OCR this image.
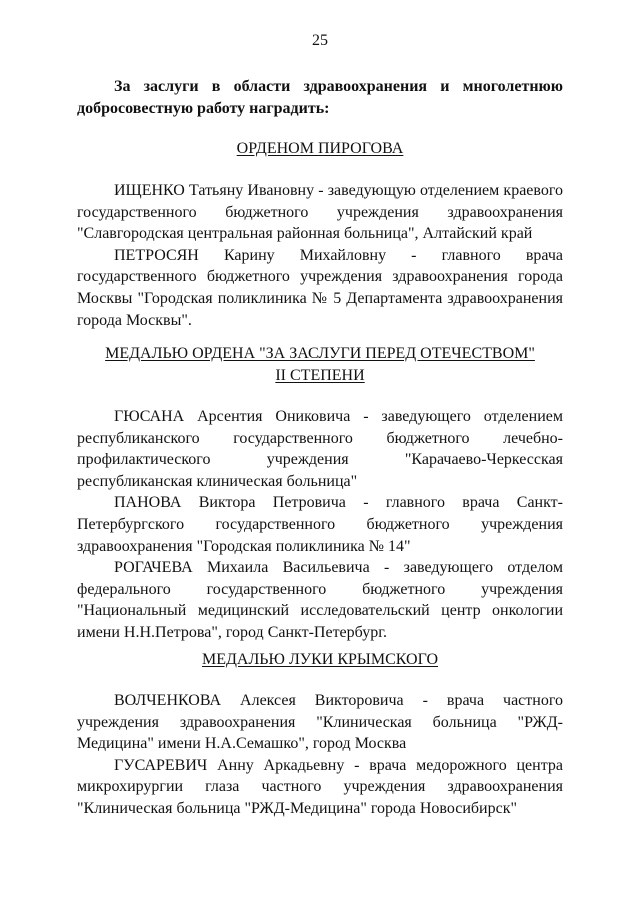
25
За заслуги в области здравоохранения и многолетнюю добросовестную работу наградить:
ОРДЕНОМ ПИРОГОВА

ИЩЕНКО Татьяну Ивановну - заведующую отделением краевого государственного бюджетного учреждения здравоохранения "Славгородская центральная районная больница", Алтайский край

ПЕТРОСЯН Карину Михайловну - главного врача государственного бюджетного учреждения здравоохранения города Москвы "Городская поликлиника № 5 Департамента здравоохранения города Москвы".

МЕДАЛЬЮ ОРДЕНА "ЗА ЗАСЛУГИ ПЕРЕД ОТЕЧЕСТВОМ"
II СТЕПЕНИ

ГЮСАНА Арсентия Ониковича - заведующего отделением республиканского государственного бюджетного лечебно-профилактического учреждения "Карачаево-Черкесская республиканская клиническая больница"

ПАНОВА Виктора Петровича - главного врача Санкт-Петербургского государственного бюджетного учреждения здравоохранения "Городская поликлиника № 14"

РОГАЧЕВА Михаила Васильевича - заведующего отделом федерального государственного бюджетного учреждения "Национальный медицинский исследовательский центр онкологии имени Н.Н.Петрова", город Санкт-Петербург.

МЕДАЛЬЮ ЛУКИ КРЫМСКОГО

ВОЛЧЕНКОВА Алексея Викторовича - врача частного учреждения здравоохранения "Клиническая больница "РЖД-Медицина" имени Н.А.Семашко", город Москва

ГУСАРЕВИЧ Анну Аркадьевну - врача медорожного центра микрохирургии глаза частного учреждения здравоохранения "Клиническая больница "РЖД-Медицина" города Новосибирск"
